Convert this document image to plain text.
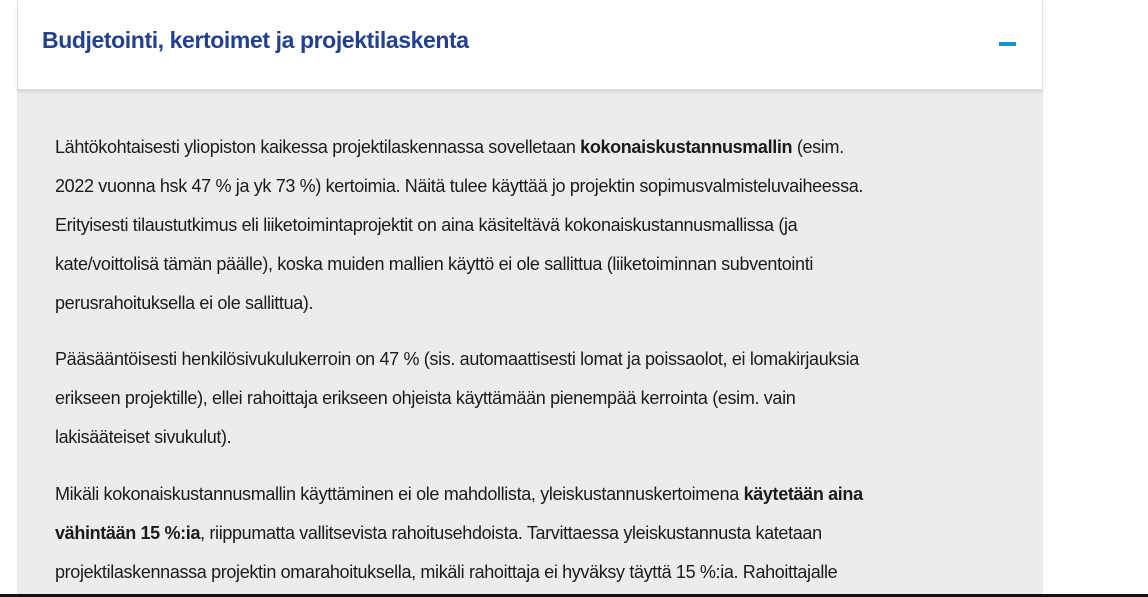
Budjetointi, kertoimet ja projektilaskenta

Lähtökohtaisesti yliopiston kaikessa projektilaskennassa sovelletaan kokonaiskustannusmallin (esim.
2022 vuonna hsk 47 % ja yk 73 %) kertoimia. Näitä tulee käyttää jo projektin sopimusvalmisteluvaiheessa.
Erityisesti tilaustutkimus eli liiketoimintaprojektit on aina käsiteltävä kokonaiskustannusmallissa (ja
kate/voittolisä tämän päälle), koska muiden mallien käyttö ei ole sallittua (liiketoiminnan subventointi
perusrahoituksella ei ole sallittua).

Pääsääntöisesti henkilösivukulukerroin on 47 % (sis. automaattisesti lomat ja poissaolot, ei lomakirjauksia
erikseen projektille), ellei rahoittaja erikseen ohjeista käyttämään pienempää kerrointa (esim. vain
lakisääteiset sivukulut).

Mikäli kokonaiskustannusmallin käyttäminen ei ole mahdollista, yleiskustannuskertoimena käytetään aina
vähintään 15 %:ia, riippumatta vallitsevista rahoitusehdoista. Tarvittaessa yleiskustannusta katetaan
projektilaskennassa projektin omarahoituksella, mikäli rahoittaja ei hyväksy täyttä 15 %:ia. Rahoittajalle
